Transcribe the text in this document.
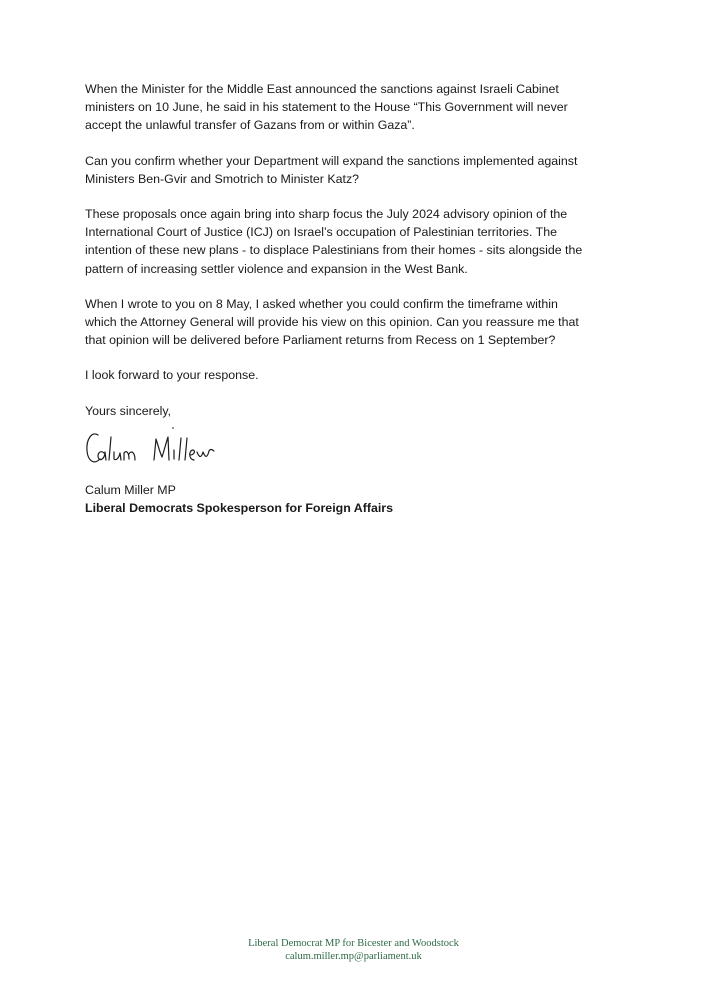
When the Minister for the Middle East announced the sanctions against Israeli Cabinet
ministers on 10 June, he said in his statement to the House “This Government will never
accept the unlawful transfer of Gazans from or within Gaza”.

Can you confirm whether your Department will expand the sanctions implemented against
Ministers Ben-Gvir and Smotrich to Minister Katz?

These proposals once again bring into sharp focus the July 2024 advisory opinion of the
International Court of Justice (ICJ) on Israel’s occupation of Palestinian territories. The
intention of these new plans - to displace Palestinians from their homes - sits alongside the
pattern of increasing settler violence and expansion in the West Bank.

When I wrote to you on 8 May, I asked whether you could confirm the timeframe within
which the Attorney General will provide his view on this opinion. Can you reassure me that
that opinion will be delivered before Parliament returns from Recess on 1 September?

I look forward to your response.

Yours sincerely,

Calum Miller MP
Liberal Democrats Spokesperson for Foreign Affairs
Liberal Democrat MP for Bicester and Woodstock
calum.miller.mp@parliament.uk
